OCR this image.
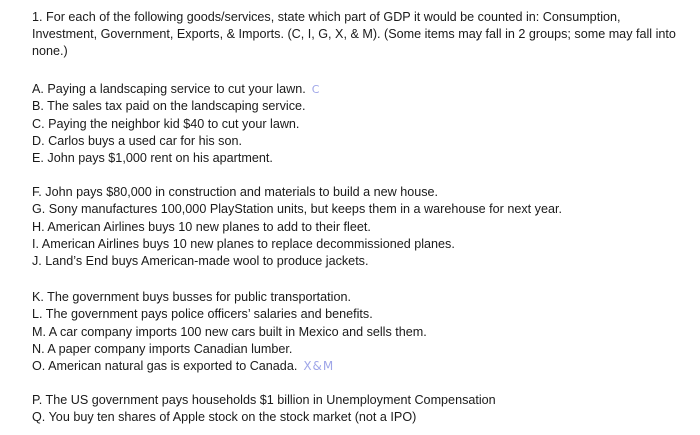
1. For each of the following goods/services, state which part of GDP it would be counted in: Consumption, Investment, Government, Exports, & Imports. (C, I, G, X, & M). (Some items may fall in 2 groups; some may fall into none.)

A. Paying a landscaping service to cut your lawn. C
B. The sales tax paid on the landscaping service.
C. Paying the neighbor kid $40 to cut your lawn.
D. Carlos buys a used car for his son.
E. John pays $1,000 rent on his apartment.
F. John pays $80,000 in construction and materials to build a new house.
G. Sony manufactures 100,000 PlayStation units, but keeps them in a warehouse for next year.
H. American Airlines buys 10 new planes to add to their fleet.
I. American Airlines buys 10 new planes to replace decommissioned planes.
J. Land’s End buys American-made wool to produce jackets.
K. The government buys busses for public transportation.
L. The government pays police officers’ salaries and benefits.
M. A car company imports 100 new cars built in Mexico and sells them.
N. A paper company imports Canadian lumber.
O. American natural gas is exported to Canada. X&M
P. The US government pays households $1 billion in Unemployment Compensation
Q. You buy ten shares of Apple stock on the stock market (not a IPO)
